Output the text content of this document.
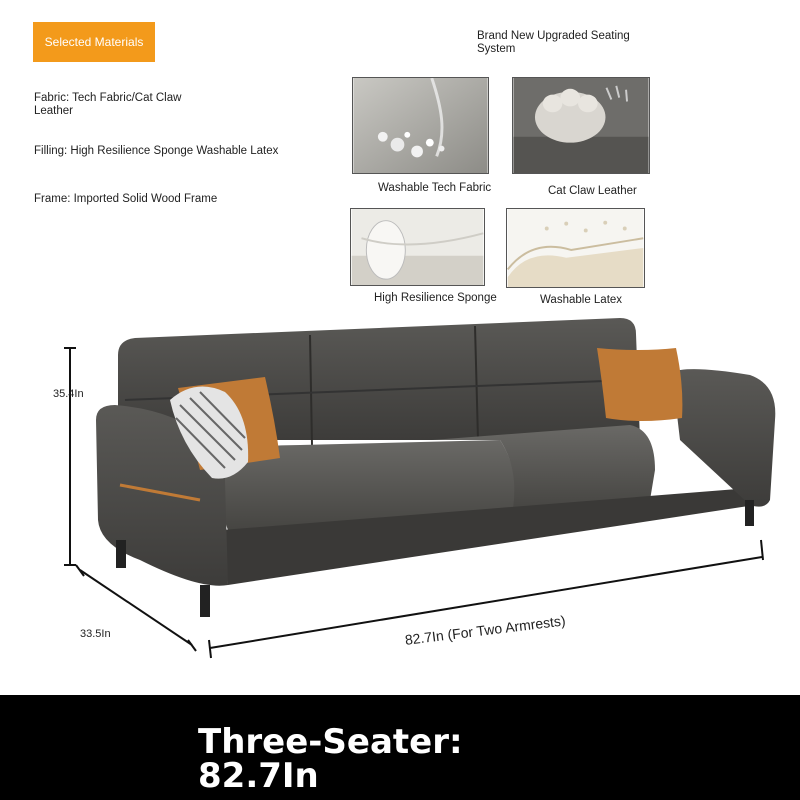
Selected Materials
Fabric: Tech Fabric/Cat Claw Leather
Filling: High Resilience Sponge Washable Latex
Frame: Imported Solid Wood Frame
Brand New Upgraded Seating System
Washable Tech Fabric	Cat Claw Leather
High Resilience Sponge	Washable Latex
35.4In
33.5In	82.7In (For Two Armrests)
Three-Seater:
82.7In
